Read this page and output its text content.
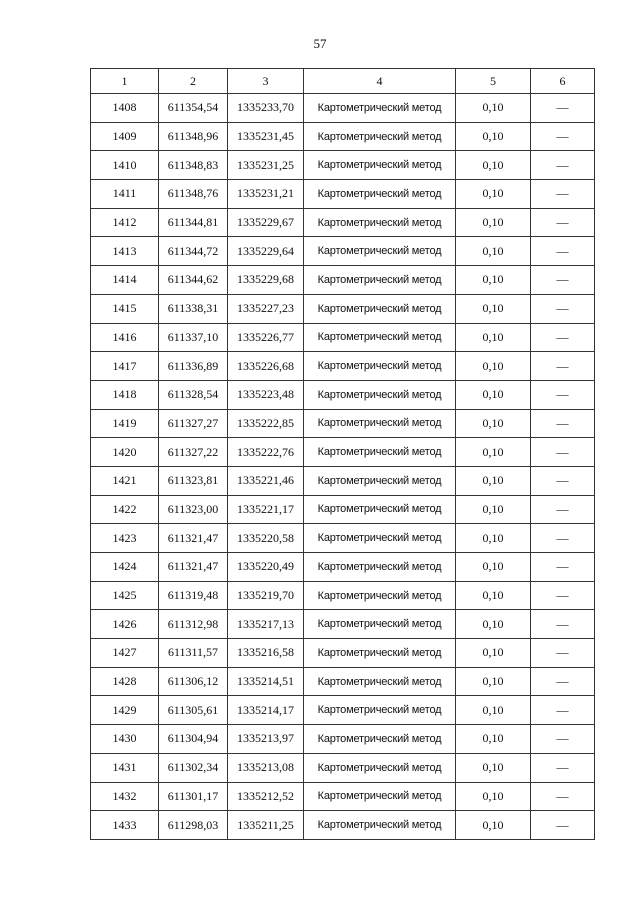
57
1	2	3	4	5	6
1408	611354,54	1335233,70	Картометрический метод	0,10	—
1409	611348,96	1335231,45	Картометрический метод	0,10	—
1410	611348,83	1335231,25	Картометрический метод	0,10	—
1411	611348,76	1335231,21	Картометрический метод	0,10	—
1412	611344,81	1335229,67	Картометрический метод	0,10	—
1413	611344,72	1335229,64	Картометрический метод	0,10	—
1414	611344,62	1335229,68	Картометрический метод	0,10	—
1415	611338,31	1335227,23	Картометрический метод	0,10	—
1416	611337,10	1335226,77	Картометрический метод	0,10	—
1417	611336,89	1335226,68	Картометрический метод	0,10	—
1418	611328,54	1335223,48	Картометрический метод	0,10	—
1419	611327,27	1335222,85	Картометрический метод	0,10	—
1420	611327,22	1335222,76	Картометрический метод	0,10	—
1421	611323,81	1335221,46	Картометрический метод	0,10	—
1422	611323,00	1335221,17	Картометрический метод	0,10	—
1423	611321,47	1335220,58	Картометрический метод	0,10	—
1424	611321,47	1335220,49	Картометрический метод	0,10	—
1425	611319,48	1335219,70	Картометрический метод	0,10	—
1426	611312,98	1335217,13	Картометрический метод	0,10	—
1427	611311,57	1335216,58	Картометрический метод	0,10	—
1428	611306,12	1335214,51	Картометрический метод	0,10	—
1429	611305,61	1335214,17	Картометрический метод	0,10	—
1430	611304,94	1335213,97	Картометрический метод	0,10	—
1431	611302,34	1335213,08	Картометрический метод	0,10	—
1432	611301,17	1335212,52	Картометрический метод	0,10	—
1433	611298,03	1335211,25	Картометрический метод	0,10	—
